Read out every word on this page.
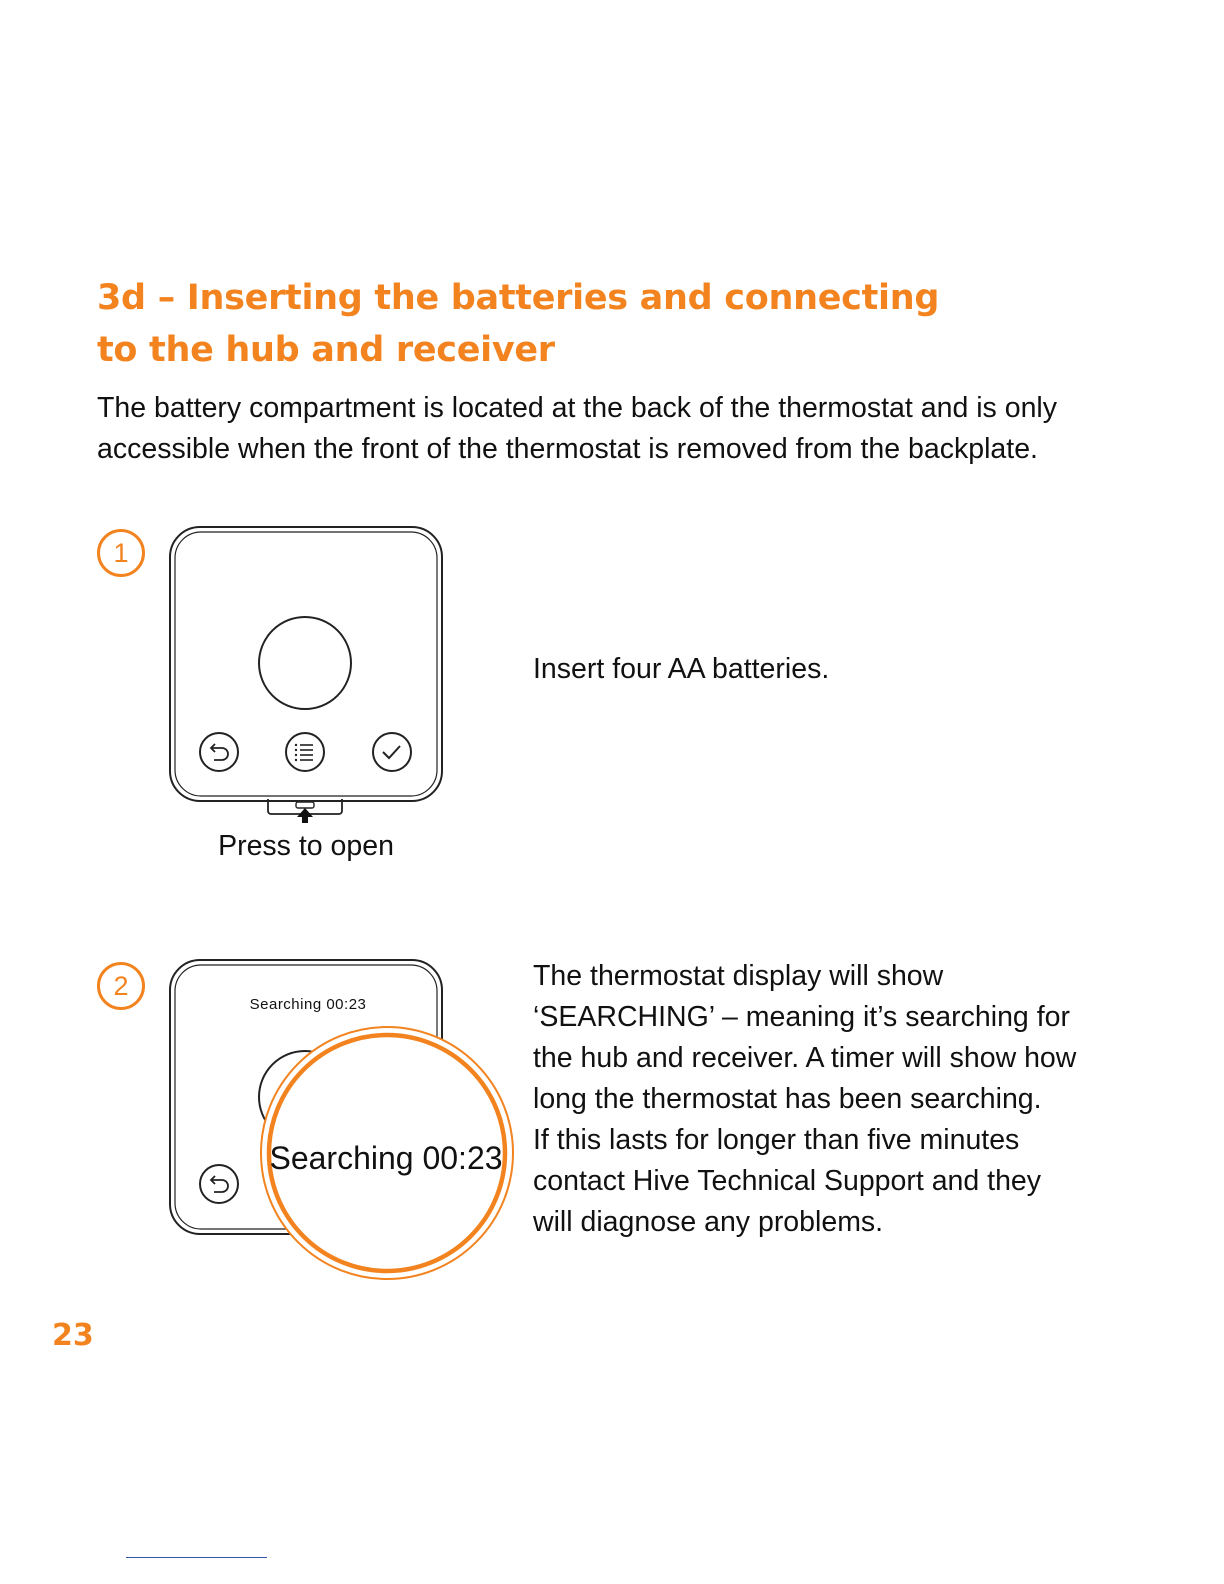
3d – Inserting the batteries and connecting
to the hub and receiver
The battery compartment is located at the back of the thermostat and is only accessible when the front of the thermostat is removed from the backplate.
1
Press to open
Insert four AA batteries.
2
Searching 00:23
Searching 00:23
The thermostat display will show
‘SEARCHING’ – meaning it’s searching for
the hub and receiver. A timer will show how
long the thermostat has been searching.
If this lasts for longer than five minutes
contact Hive Technical Support and they
will diagnose any problems.
23
